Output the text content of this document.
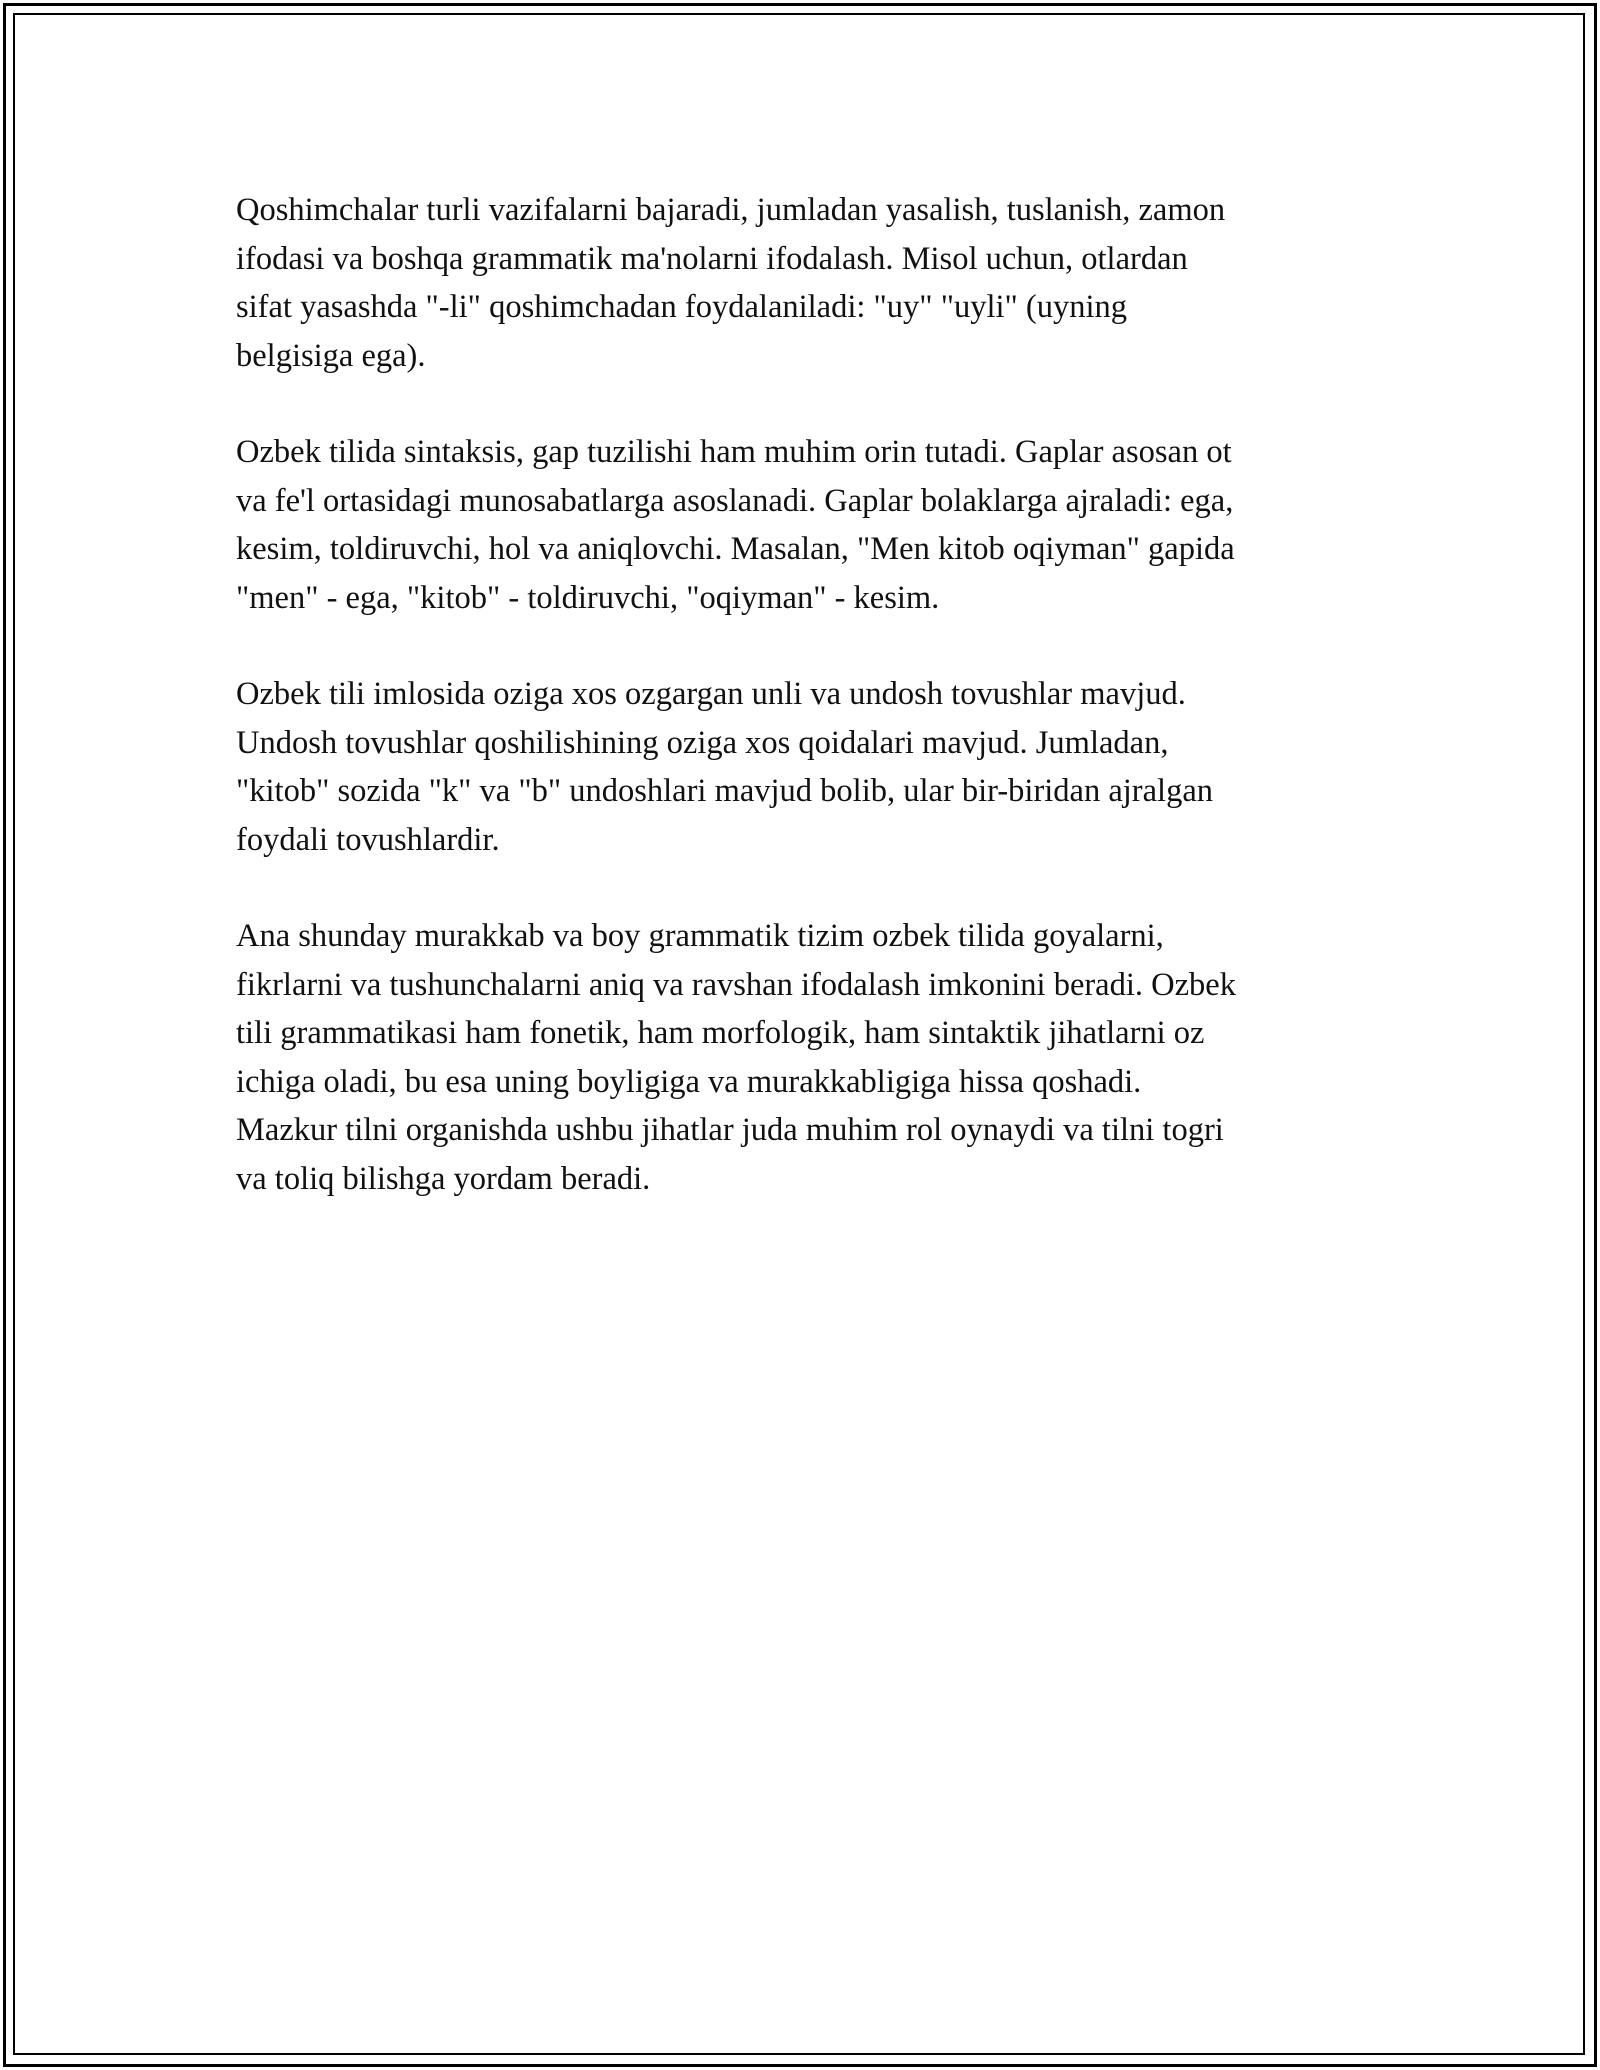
Qoshimchalar turli vazifalarni bajaradi, jumladan yasalish, tuslanish, zamon
ifodasi va boshqa grammatik ma'nolarni ifodalash. Misol uchun, otlardan
sifat yasashda "-li" qoshimchadan foydalaniladi: "uy" "uyli" (uyning
belgisiga ega).

Ozbek tilida sintaksis, gap tuzilishi ham muhim orin tutadi. Gaplar asosan ot
va fe'l ortasidagi munosabatlarga asoslanadi. Gaplar bolaklarga ajraladi: ega,
kesim, toldiruvchi, hol va aniqlovchi. Masalan, "Men kitob oqiyman" gapida
"men" - ega, "kitob" - toldiruvchi, "oqiyman" - kesim.

Ozbek tili imlosida oziga xos ozgargan unli va undosh tovushlar mavjud.
Undosh tovushlar qoshilishining oziga xos qoidalari mavjud. Jumladan,
"kitob" sozida "k" va "b" undoshlari mavjud bolib, ular bir-biridan ajralgan
foydali tovushlardir.

Ana shunday murakkab va boy grammatik tizim ozbek tilida goyalarni,
fikrlarni va tushunchalarni aniq va ravshan ifodalash imkonini beradi. Ozbek
tili grammatikasi ham fonetik, ham morfologik, ham sintaktik jihatlarni oz
ichiga oladi, bu esa uning boyligiga va murakkabligiga hissa qoshadi.
Mazkur tilni organishda ushbu jihatlar juda muhim rol oynaydi va tilni togri
va toliq bilishga yordam beradi.
